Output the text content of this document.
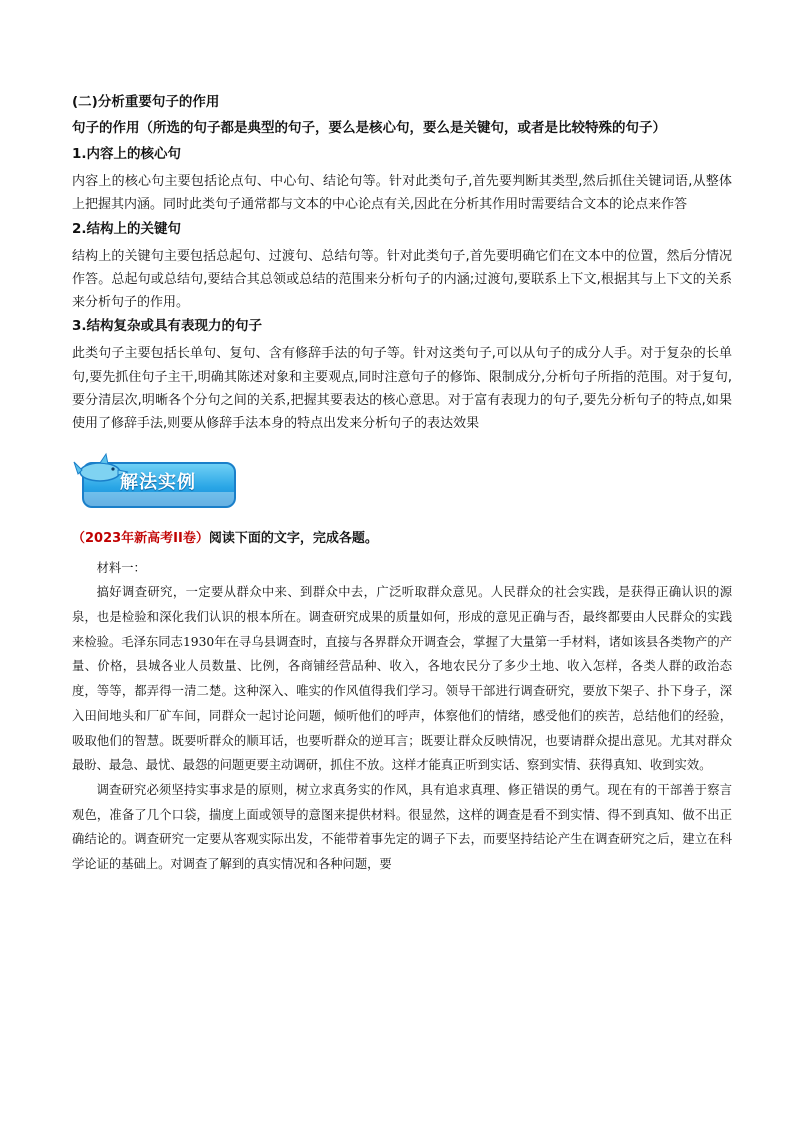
(二)分析重要句子的作用
句子的作用（所选的句子都是典型的句子，要么是核心句，要么是关键句，或者是比较特殊的句子）
1.内容上的核心句
内容上的核心句主要包括论点句、中心句、结论句等。针对此类句子,首先要判断其类型,然后抓住关键词语,从整体上把握其内涵。同时此类句子通常都与文本的中心论点有关,因此在分析其作用时需要结合文本的论点来作答
2.结构上的关键句
结构上的关键句主要包括总起句、过渡句、总结句等。针对此类句子,首先要明确它们在文本中的位置，然后分情况作答。总起句或总结句,要结合其总领或总结的范围来分析句子的内涵;过渡句,要联系上下文,根据其与上下文的关系来分析句子的作用。
3.结构复杂或具有表现力的句子
此类句子主要包括长单句、复句、含有修辞手法的句子等。针对这类句子,可以从句子的成分人手。对于复杂的长单句,要先抓住句子主干,明确其陈述对象和主要观点,同时注意句子的修饰、限制成分,分析句子所指的范围。对于复句,要分清层次,明晰各个分句之间的关系,把握其要表达的核心意思。对于富有表现力的句子,要先分析句子的特点,如果使用了修辞手法,则要从修辞手法本身的特点出发来分析句子的表达效果
解法实例
（2023年新高考II卷）阅读下面的文字，完成各题。
材料一：
搞好调查研究，一定要从群众中来、到群众中去，广泛听取群众意见。人民群众的社会实践，是获得正确认识的源泉，也是检验和深化我们认识的根本所在。调查研究成果的质量如何，形成的意见正确与否，最终都要由人民群众的实践来检验。毛泽东同志1930年在寻乌县调查时，直接与各界群众开调查会，掌握了大量第一手材料，诸如该县各类物产的产量、价格，县城各业人员数量、比例，各商铺经营品种、收入，各地农民分了多少土地、收入怎样，各类人群的政治态度，等等，都弄得一清二楚。这种深入、唯实的作风值得我们学习。领导干部进行调查研究，要放下架子、扑下身子，深入田间地头和厂矿车间，同群众一起讨论问题，倾听他们的呼声，体察他们的情绪，感受他们的疾苦，总结他们的经验，吸取他们的智慧。既要听群众的顺耳话，也要听群众的逆耳言；既要让群众反映情况，也要请群众提出意见。尤其对群众最盼、最急、最忧、最怨的问题更要主动调研，抓住不放。这样才能真正听到实话、察到实情、获得真知、收到实效。
调查研究必须坚持实事求是的原则，树立求真务实的作风，具有追求真理、修正错误的勇气。现在有的干部善于察言观色，准备了几个口袋，揣度上面或领导的意图来提供材料。很显然，这样的调查是看不到实情、得不到真知、做不出正确结论的。调查研究一定要从客观实际出发，不能带着事先定的调子下去，而要坚持结论产生在调查研究之后，建立在科学论证的基础上。对调查了解到的真实情况和各种问题，要
